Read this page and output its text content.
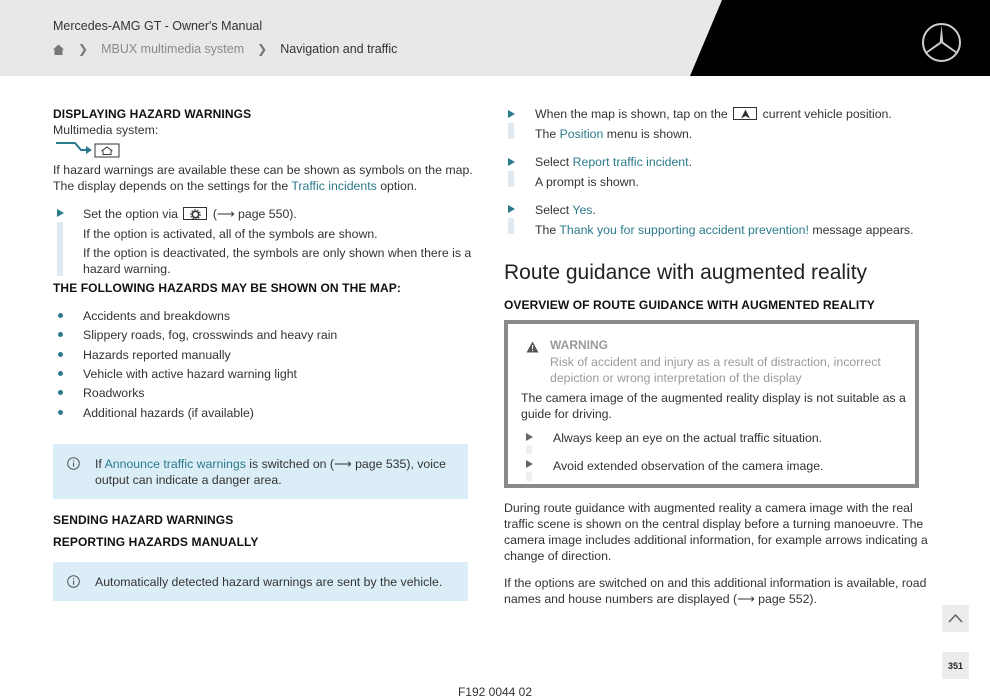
Mercedes-AMG GT - Owner's Manual
❯ MBUX multimedia system ❯ Navigation and traffic
DISPLAYING HAZARD WARNINGS
Multimedia system:
If hazard warnings are available these can be shown as symbols on the map.
The display depends on the settings for the Traffic incidents option.
Set the option via	(⟶ page 550).
If the option is activated, all of the symbols are shown.
If the option is deactivated, the symbols are only shown when there is a
hazard warning.
THE FOLLOWING HAZARDS MAY BE SHOWN ON THE MAP:
Accidents and breakdowns
Slippery roads, fog, crosswinds and heavy rain
Hazards reported manually
Vehicle with active hazard warning light
Roadworks
Additional hazards (if available)
If Announce traffic warnings is switched on (⟶ page 535), voice
output can indicate a danger area.
SENDING HAZARD WARNINGS
REPORTING HAZARDS MANUALLY
Automatically detected hazard warnings are sent by the vehicle.
When the map is shown, tap on the	current vehicle position.
The Position menu is shown.
Select Report traffic incident.
A prompt is shown.
Select Yes.
The Thank you for supporting accident prevention! message appears.
Route guidance with augmented reality
OVERVIEW OF ROUTE GUIDANCE WITH AUGMENTED REALITY
WARNING
Risk of accident and injury as a result of distraction, incorrect
depiction or wrong interpretation of the display
The camera image of the augmented reality display is not suitable as a
guide for driving.
Always keep an eye on the actual traffic situation.
Avoid extended observation of the camera image.
During route guidance with augmented reality a camera image with the real
traffic scene is shown on the central display before a turning manoeuvre. The
camera image includes additional information, for example arrows indicating a
change of direction.
If the options are switched on and this additional information is available, road
names and house numbers are displayed (⟶ page 552).
351
F192 0044 02
